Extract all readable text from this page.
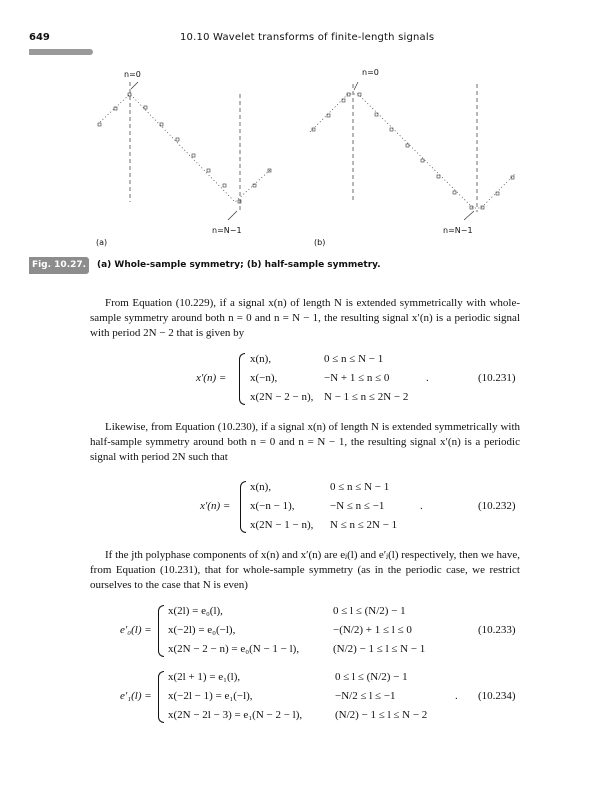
649	10.10 Wavelet transforms of finite-length signals
n=0
n=N−1
n=0
n=N−1
(a)	(b)
Fig. 10.27.	(a) Whole-sample symmetry; (b) half-sample symmetry.
From Equation (10.229), if a signal x(n) of length N is extended symmetrically with whole-sample symmetry around both n = 0 and n = N − 1, the resulting signal x′(n) is a periodic signal with period 2N − 2 that is given by
x′(n) =
x(n),	0 ≤ n ≤ N − 1
x(−n),	−N + 1 ≤ n ≤ 0
x(2N − 2 − n), N − 1 ≤ n ≤ 2N − 2
.	(10.231)
Likewise, from Equation (10.230), if a signal x(n) of length N is extended symmetrically with half-sample symmetry around both n = 0 and n = N − 1, the resulting signal x′(n) is a periodic signal with period 2N such that
x′(n) =
x(n),	0 ≤ n ≤ N − 1
x(−n − 1),	−N ≤ n ≤ −1
x(2N − 1 − n), N ≤ n ≤ 2N − 1
.	(10.232)
If the jth polyphase components of x(n) and x′(n) are eⱼ(l) and e′ⱼ(l) respectively, then we have, from Equation (10.231), that for whole-sample symmetry (as in the periodic case, we restrict ourselves to the case that N is even)
e′₀(l) =
x(2l) = e₀(l),	0 ≤ l ≤ (N/2) − 1
x(−2l) = e₀(−l),	−(N/2) + 1 ≤ l ≤ 0
x(2N − 2 − n) = e₀(N − 1 − l),	(N/2) − 1 ≤ l ≤ N − 1
(10.233)
e′₁(l) =
x(2l + 1) = e₁(l),	0 ≤ l ≤ (N/2) − 1
x(−2l − 1) = e₁(−l),	−N/2 ≤ l ≤ −1
x(2N − 2l − 3) = e₁(N − 2 − l),	(N/2) − 1 ≤ l ≤ N − 2
. (10.234)
